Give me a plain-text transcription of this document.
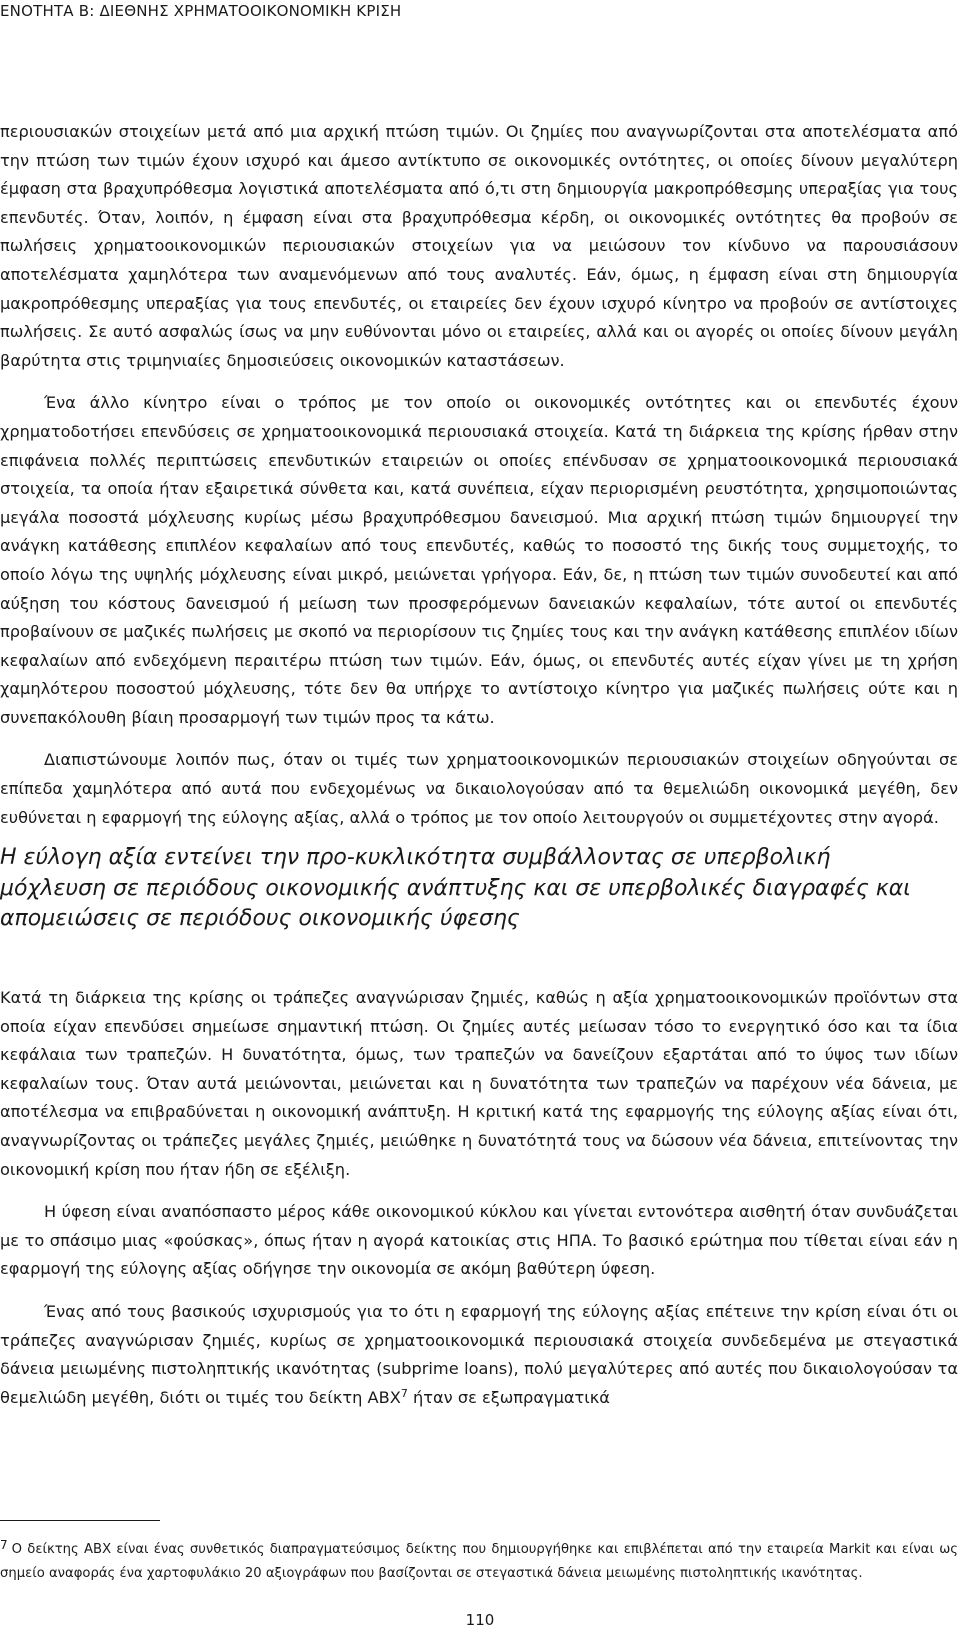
ΕΝΟΤΗΤΑ Β: ΔΙΕΘΝΗΣ ΧΡΗΜΑΤΟΟΙΚΟΝΟΜΙΚΗ ΚΡΙΣΗ

περιουσιακών στοιχείων μετά από μια αρχική πτώση τιμών. Οι ζημίες που αναγνωρίζονται στα αποτελέσματα από την πτώση των τιμών έχουν ισχυρό και άμεσο αντίκτυπο σε οικονομικές οντότητες, οι οποίες δίνουν μεγαλύτερη έμφαση στα βραχυπρόθεσμα λογιστικά αποτελέσματα από ό,τι στη δημιουργία μακροπρόθεσμης υπεραξίας για τους επενδυτές. Όταν, λοιπόν, η έμφαση είναι στα βραχυπρόθεσμα κέρδη, οι οικονομικές οντότητες θα προβούν σε πωλήσεις χρηματοοικονομικών περιουσιακών στοιχείων για να μειώσουν τον κίνδυνο να παρουσιάσουν αποτελέσματα χαμηλότερα των αναμενόμενων από τους αναλυτές. Εάν, όμως, η έμφαση είναι στη δημιουργία μακροπρόθεσμης υπεραξίας για τους επενδυτές, οι εταιρείες δεν έχουν ισχυρό κίνητρο να προβούν σε αντίστοιχες πωλήσεις. Σε αυτό ασφαλώς ίσως να μην ευθύνονται μόνο οι εταιρείες, αλλά και οι αγορές οι οποίες δίνουν μεγάλη βαρύτητα στις τριμηνιαίες δημοσιεύσεις οικονομικών καταστάσεων.

Ένα άλλο κίνητρο είναι ο τρόπος με τον οποίο οι οικονομικές οντότητες και οι επενδυτές έχουν χρηματοδοτήσει επενδύσεις σε χρηματοοικονομικά περιουσιακά στοιχεία. Κατά τη διάρκεια της κρίσης ήρθαν στην επιφάνεια πολλές περιπτώσεις επενδυτικών εταιρειών οι οποίες επένδυσαν σε χρηματοοικονομικά περιουσιακά στοιχεία, τα οποία ήταν εξαιρετικά σύνθετα και, κατά συνέπεια, είχαν περιορισμένη ρευστότητα, χρησιμοποιώντας μεγάλα ποσοστά μόχλευσης κυρίως μέσω βραχυπρόθεσμου δανεισμού. Μια αρχική πτώση τιμών δημιουργεί την ανάγκη κατάθεσης επιπλέον κεφαλαίων από τους επενδυτές, καθώς το ποσοστό της δικής τους συμμετοχής, το οποίο λόγω της υψηλής μόχλευσης είναι μικρό, μειώνεται γρήγορα. Εάν, δε, η πτώση των τιμών συνοδευτεί και από αύξηση του κόστους δανεισμού ή μείωση των προσφερόμενων δανειακών κεφαλαίων, τότε αυτοί οι επενδυτές προβαίνουν σε μαζικές πωλήσεις με σκοπό να περιορίσουν τις ζημίες τους και την ανάγκη κατάθεσης επιπλέον ιδίων κεφαλαίων από ενδεχόμενη περαιτέρω πτώση των τιμών. Εάν, όμως, οι επενδυτές αυτές είχαν γίνει με τη χρήση χαμηλότερου ποσοστού μόχλευσης, τότε δεν θα υπήρχε το αντίστοιχο κίνητρο για μαζικές πωλήσεις ούτε και η συνεπακόλουθη βίαιη προσαρμογή των τιμών προς τα κάτω.

Διαπιστώνουμε λοιπόν πως, όταν οι τιμές των χρηματοοικονομικών περιουσιακών στοιχείων οδηγούνται σε επίπεδα χαμηλότερα από αυτά που ενδεχομένως να δικαιολογούσαν από τα θεμελιώδη οικονομικά μεγέθη, δεν ευθύνεται η εφαρμογή της εύλογης αξίας, αλλά ο τρόπος με τον οποίο λειτουργούν οι συμμετέχοντες στην αγορά.

Η εύλογη αξία εντείνει την προ-κυκλικότητα συμβάλλοντας σε υπερβολική μόχλευση σε περιόδους οικονομικής ανάπτυξης και σε υπερβολικές διαγραφές και απομειώσεις σε περιόδους οικονομικής ύφεσης

Κατά τη διάρκεια της κρίσης οι τράπεζες αναγνώρισαν ζημιές, καθώς η αξία χρηματοοικονομικών προϊόντων στα οποία είχαν επενδύσει σημείωσε σημαντική πτώση. Οι ζημίες αυτές μείωσαν τόσο το ενεργητικό όσο και τα ίδια κεφάλαια των τραπεζών. Η δυνατότητα, όμως, των τραπεζών να δανείζουν εξαρτάται από το ύψος των ιδίων κεφαλαίων τους. Όταν αυτά μειώνονται, μειώνεται και η δυνατότητα των τραπεζών να παρέχουν νέα δάνεια, με αποτέλεσμα να επιβραδύνεται η οικονομική ανάπτυξη. Η κριτική κατά της εφαρμογής της εύλογης αξίας είναι ότι, αναγνωρίζοντας οι τράπεζες μεγάλες ζημιές, μειώθηκε η δυνατότητά τους να δώσουν νέα δάνεια, επιτείνοντας την οικονομική κρίση που ήταν ήδη σε εξέλιξη.

Η ύφεση είναι αναπόσπαστο μέρος κάθε οικονομικού κύκλου και γίνεται εντονότερα αισθητή όταν συνδυάζεται με το σπάσιμο μιας «φούσκας», όπως ήταν η αγορά κατοικίας στις ΗΠΑ. Το βασικό ερώτημα που τίθεται είναι εάν η εφαρμογή της εύλογης αξίας οδήγησε την οικονομία σε ακόμη βαθύτερη ύφεση.

Ένας από τους βασικούς ισχυρισμούς για το ότι η εφαρμογή της εύλογης αξίας επέτεινε την κρίση είναι ότι οι τράπεζες αναγνώρισαν ζημιές, κυρίως σε χρηματοοικονομικά περιουσιακά στοιχεία συνδεδεμένα με στεγαστικά δάνεια μειωμένης πιστοληπτικής ικανότητας (subprime loans), πολύ μεγαλύτερες από αυτές που δικαιολογούσαν τα θεμελιώδη μεγέθη, διότι οι τιμές του δείκτη ABX$^7$ ήταν σε εξωπραγματικά

7 Ο δείκτης ABX είναι ένας συνθετικός διαπραγματεύσιμος δείκτης που δημιουργήθηκε και επιβλέπεται από την εταιρεία Markit και είναι ως σημείο αναφοράς ένα χαρτοφυλάκιο 20 αξιογράφων που βασίζονται σε στεγαστικά δάνεια μειωμένης πιστοληπτικής ικανότητας.
110
